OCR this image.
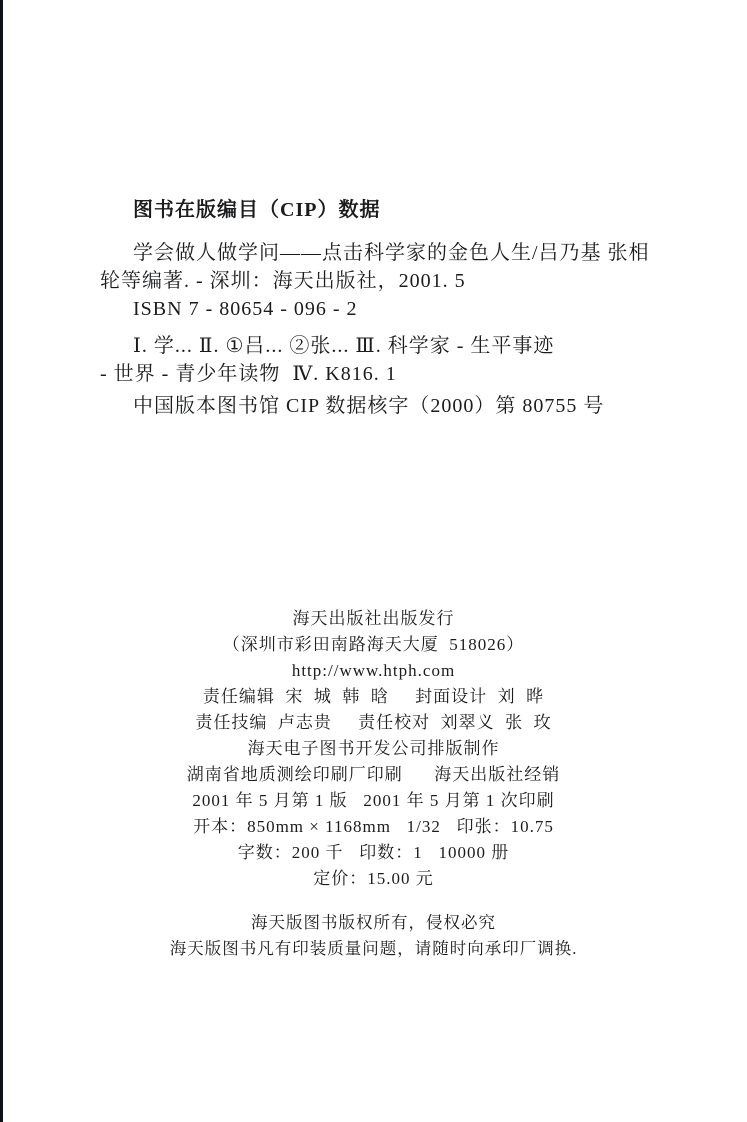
图书在版编目（CIP）数据
学会做人做学问——点击科学家的金色人生/吕乃基 张相
轮等编著. - 深圳：海天出版社，2001. 5
ISBN 7 - 80654 - 096 - 2
Ⅰ. 学... Ⅱ. ①吕... ②张... Ⅲ. 科学家 - 生平事迹
- 世界 - 青少年读物  Ⅳ. K816. 1
中国版本图书馆 CIP 数据核字（2000）第 80755 号
海天出版社出版发行
（深圳市彩田南路海天大厦  518026）
http://www.htph.com
责任编辑  宋  城  韩  晗     封面设计  刘  晔
责任技编  卢志贵     责任校对  刘翠义  张  玫
海天电子图书开发公司排版制作
湖南省地质测绘印刷厂印刷      海天出版社经销
2001 年 5 月第 1 版   2001 年 5 月第 1 次印刷
开本：850mm × 1168mm   1/32   印张：10.75
字数：200 千   印数：1   10000 册
定价：15.00 元
海天版图书版权所有，侵权必究
海天版图书凡有印装质量问题，请随时向承印厂调换.
